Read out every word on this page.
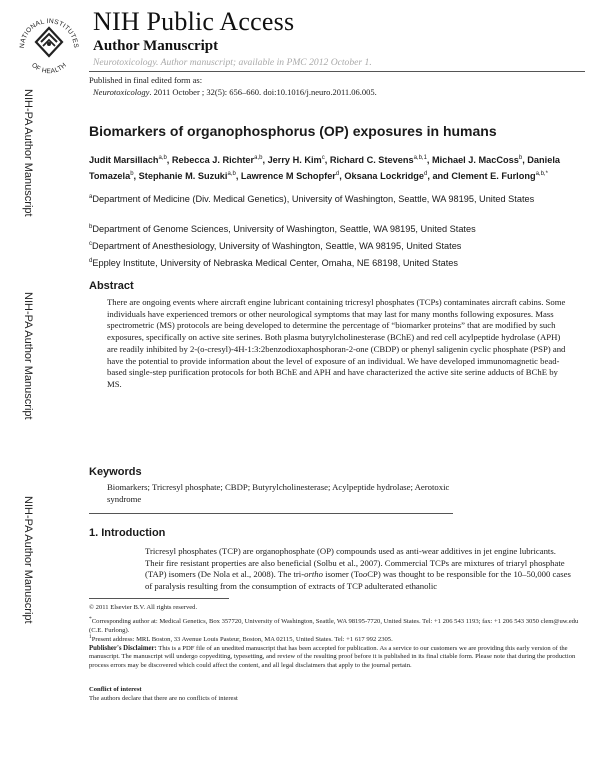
NATIONAL INSTITUTES
OF HEALTH
NIH Public Access
Author Manuscript
Neurotoxicology. Author manuscript; available in PMC 2012 October 1.
NIH-PA Author Manuscript
NIH-PA Author Manuscript
NIH-PA Author Manuscript
Published in final edited form as:
Neurotoxicology. 2011 October ; 32(5): 656–660. doi:10.1016/j.neuro.2011.06.005.
Biomarkers of organophosphorus (OP) exposures in humans
Judit Marsillach$^{a,b}$, Rebecca J. Richter$^{a,b}$, Jerry H. Kim$^c$, Richard C. Stevens$^{a,b,1}$, Michael J. MacCoss$^b$, Daniela Tomazela$^b$, Stephanie M. Suzuki$^{a,b}$, Lawrence M Schopfer$^d$, Oksana Lockridge$^d$, and Clement E. Furlong$^{a,b,*}$
$^a$Department of Medicine (Div. Medical Genetics), University of Washington, Seattle, WA 98195, United States
$^b$Department of Genome Sciences, University of Washington, Seattle, WA 98195, United States
$^c$Department of Anesthesiology, University of Washington, Seattle, WA 98195, United States
$^d$Eppley Institute, University of Nebraska Medical Center, Omaha, NE 68198, United States
Abstract
There are ongoing events where aircraft engine lubricant containing tricresyl phosphates (TCPs) contaminates aircraft cabins. Some individuals have experienced tremors or other neurological symptoms that may last for many months following exposures. Mass spectrometric (MS) protocols are being developed to determine the percentage of “biomarker proteins” that are modified by such exposures, specifically on active site serines. Both plasma butyrylcholinesterase (BChE) and red cell acylpeptide hydrolase (APH) are readily inhibited by 2-(o-cresyl)-4H-1:3:2benzodioxaphosphoran-2-one (CBDP) or phenyl saligenin cyclic phosphate (PSP) and have the potential to provide information about the level of exposure of an individual. We have developed immunomagnetic bead-based single-step purification protocols for both BChE and APH and have characterized the active site serine adducts of BChE by MS.
Keywords
Biomarkers; Tricresyl phosphate; CBDP; Butyrylcholinesterase; Acylpeptide hydrolase; Aerotoxic syndrome
1. Introduction
Tricresyl phosphates (TCP) are organophosphate (OP) compounds used as anti-wear additives in jet engine lubricants. Their fire resistant properties are also beneficial (Solbu et al., 2007). Commercial TCPs are mixtures of triaryl phosphate (TAP) isomers (De Nola et al., 2008). The tri-ortho isomer (TooCP) was thought to be responsible for the 10–50,000 cases of paralysis resulting from the consumption of extracts of TCP adulterated ethanolic
© 2011 Elsevier B.V. All rights reserved.
*Corresponding author at: Medical Genetics, Box 357720, University of Washington, Seattle, WA 98195-7720, United States. Tel: +1 206 543 1193; fax: +1 206 543 3050 clem@uw.edu (C.E. Furlong).
$^1$Present address: MRL Boston, 33 Avenue Louis Pasteur, Boston, MA 02115, United States. Tel: +1 617 992 2305.
Publisher's Disclaimer: This is a PDF file of an unedited manuscript that has been accepted for publication. As a service to our customers we are providing this early version of the manuscript. The manuscript will undergo copyediting, typesetting, and review of the resulting proof before it is published in its final citable form. Please note that during the production process errors may be discovered which could affect the content, and all legal disclaimers that apply to the journal pertain.
Conflict of interest
The authors declare that there are no conflicts of interest
